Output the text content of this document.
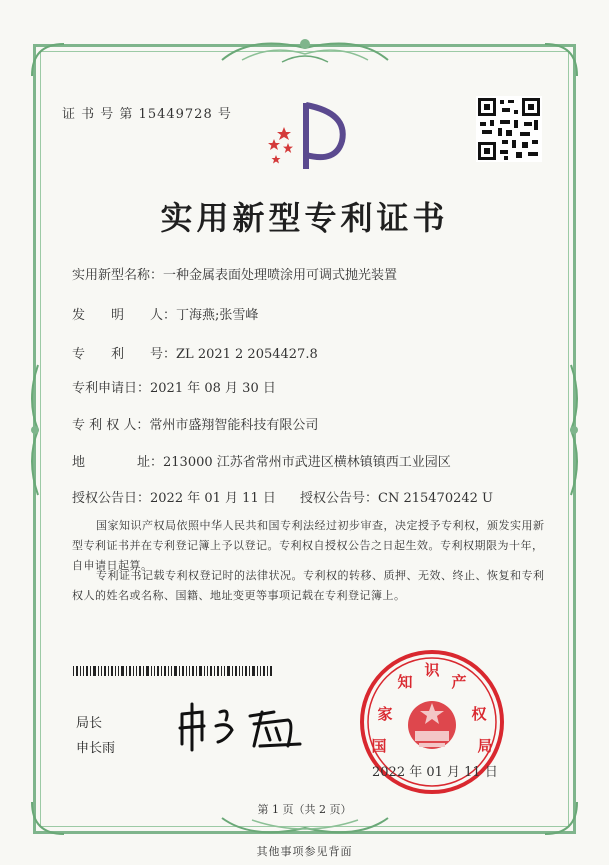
证 书 号 第 15449728 号
实用新型专利证书
实用新型名称：一种金属表面处理喷涂用可调式抛光装置
发　　明　　人：丁海燕;张雪峰
专　　利　　号：ZL 2021 2 2054427.8
专利申请日：2021 年 08 月 30 日
专 利 权 人：常州市盛翔智能科技有限公司
地　　　　址：213000 江苏省常州市武进区横林镇镇西工业园区
授权公告日：2022 年 01 月 11 日 授权公告号：CN 215470242 U
国家知识产权局依照中华人民共和国专利法经过初步审查，决定授予专利权，颁发实用新型专利证书并在专利登记簿上予以登记。专利权自授权公告之日起生效。专利权期限为十年，自申请日起算。
专利证书记载专利权登记时的法律状况。专利权的转移、质押、无效、终止、恢复和专利权人的姓名或名称、国籍、地址变更等事项记载在专利登记簿上。
局长
申长雨	国
家
知
识
产
权
局
2022 年 01 月 11 日
第 1 页（共 2 页）
其他事项参见背面
